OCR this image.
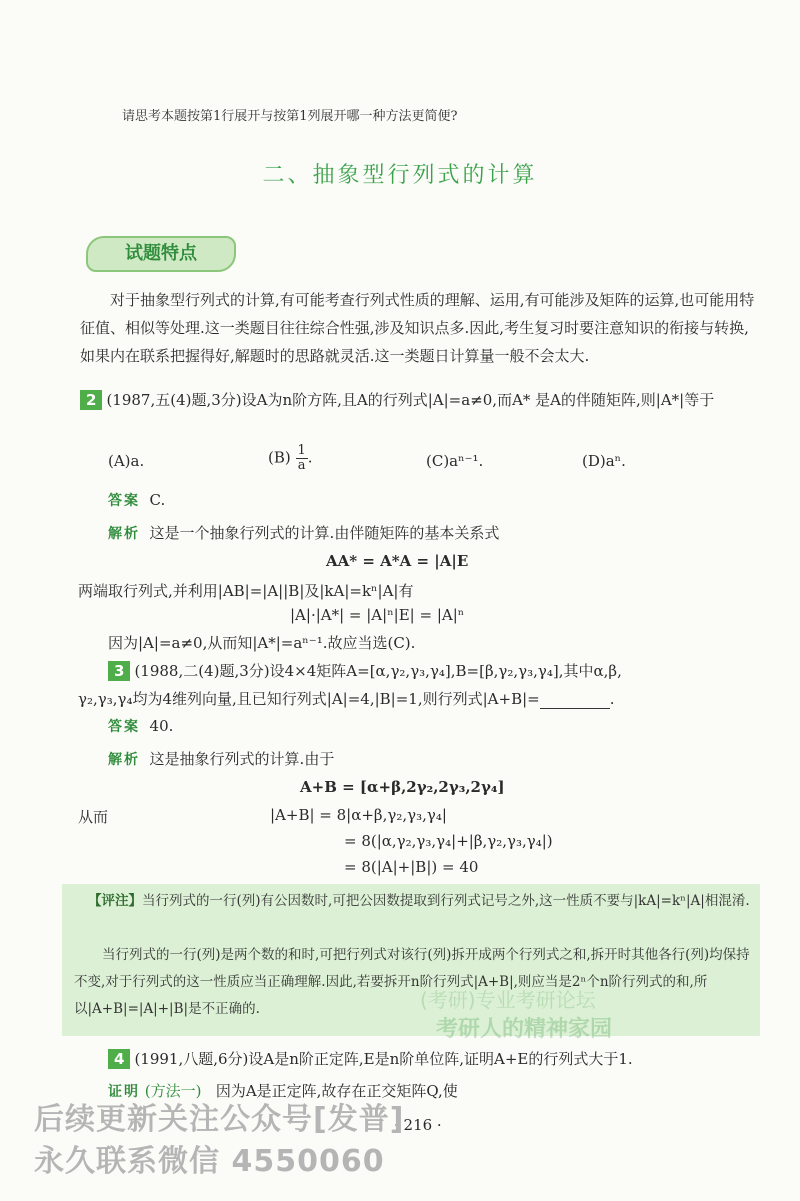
请思考本题按第1行展开与按第1列展开哪一种方法更简便?
二、抽象型行列式的计算
试题特点
对于抽象型行列式的计算,有可能考查行列式性质的理解、运用,有可能涉及矩阵的运算,也可能用特征值、相似等处理.这一类题目往往综合性强,涉及知识点多.因此,考生复习时要注意知识的衔接与转换,如果内在联系把握得好,解题时的思路就灵活.这一类题日计算量一般不会太大.
2 (1987,五(4)题,3分)设A为n阶方阵,且A的行列式|A|=a≠0,而A* 是A的伴随矩阵,则|A*|等于
(A)a.	$(B) \frac{1}{a}$.	(C)aⁿ⁻¹.	(D)aⁿ.
答案 C.
解析 这是一个抽象行列式的计算.由伴随矩阵的基本关系式
AA* = A*A = |A|E
两端取行列式,并利用|AB|=|A||B|及|kA|=kⁿ|A|有
|A|·|A*| = |A|ⁿ|E| = |A|ⁿ
因为|A|=a≠0,从而知|A*|=aⁿ⁻¹.故应当选(C).
3 (1988,二(4)题,3分)设4×4矩阵A=[α,γ₂,γ₃,γ₄],B=[β,γ₂,γ₃,γ₄],其中α,β,
γ₂,γ₃,γ₄均为4维列向量,且已知行列式|A|=4,|B|=1,则行列式|A+B|=	.
答案 40.
解析 这是抽象行列式的计算.由于
A+B = [α+β,2γ₂,2γ₃,2γ₄]
从而	|A+B| = 8|α+β,γ₂,γ₃,γ₄|
= 8(|α,γ₂,γ₃,γ₄|+|β,γ₂,γ₃,γ₄|)
= 8(|A|+|B|) = 40
【评注】当行列式的一行(列)有公因数时,可把公因数提取到行列式记号之外,这一性质不要与|kA|=kⁿ|A|相混淆.
当行列式的一行(列)是两个数的和时,可把行列式对该行(列)拆开成两个行列式之和,拆开时其他各行(列)均保持不变,对于行列式的这一性质应当正确理解.因此,若要拆开n阶行列式|A+B|,则应当是2ⁿ个n阶行列式的和,所以|A+B|=|A|+|B|是不正确的.	(考研)专业考研论坛
考研人的精神家园
4 (1991,八题,6分)设A是n阶正定阵,E是n阶单位阵,证明A+E的行列式大于1.
证明 (方法一) 因为A是正定阵,故存在正交矩阵Q,使
· 216 ·
后续更新关注公众号[发普]
永久联系微信 4550060
